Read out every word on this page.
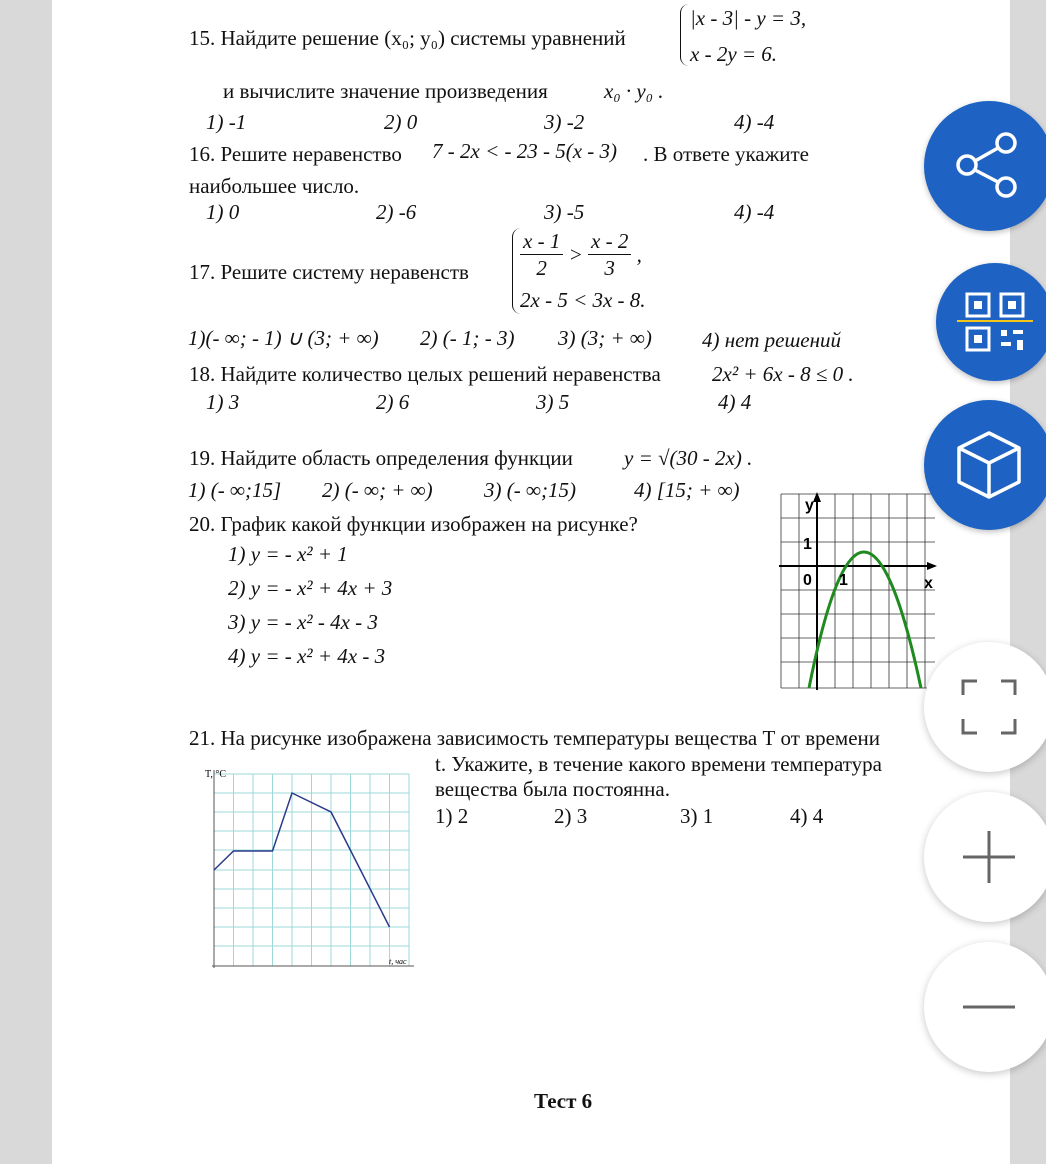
15. Найдите решение (x₀; y₀) системы уравнений
|x - 3| - y = 3,
x - 2y = 6.
и вычислите значение произведения	x₀ · y₀ .
1) -1	2) 0	3) -2	4) -4
16. Решите неравенство 7 - 2x < - 23 - 5(x - 3) . В ответе укажите
наибольшее число.
1) 0	2) -6	3) -5	4) -4
17. Решите систему неравенств $\frac{x - 1}{2} > \frac{x - 2}{3}$ ,
2x - 5 < 3x - 8.
1)(- ∞; - 1) ∪ (3; + ∞) 2) (- 1; - 3) 3) (3; + ∞) 4) нет решений
18. Найдите количество целых решений неравенства 2x² + 6x - 8 ≤ 0 .
1) 3	2) 6	3) 5	4) 4
19. Найдите область определения функции y = √(30 - 2x) .
1) (- ∞;15] 2) (- ∞; + ∞) 3) (- ∞;15)	4) [15; + ∞)
20. График какой функции изображен на рисунке?
1) y = - x² + 1
2) y = - x² + 4x + 3
3) y = - x² - 4x - 3
4) y = - x² + 4x - 3
y
x
0 1
1
21. На рисунке изображена зависимость температуры вещества Т от времени
t. Укажите, в течение какого времени температура
вещества была постоянна.
1) 2	2) 3	3) 1	4) 4
T, °C
t, час
Тест 6
